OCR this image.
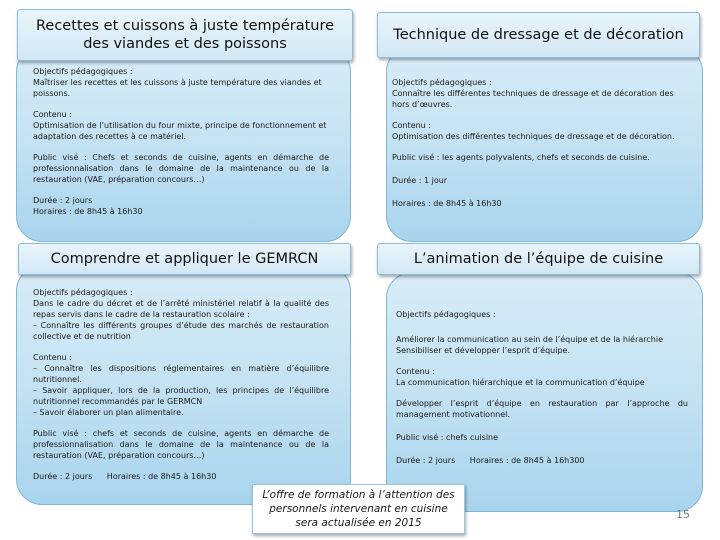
Recettes et cuissons à juste température
des viandes et des poissons

Objectifs pédagogiques :
Maîtriser les recettes et les cuissons à juste température des viandes et poissons.

Contenu :
Optimisation de l’utilisation du four mixte, principe de fonctionnement et adaptation des recettes à ce matériel.

Public visé : Chefs et seconds de cuisine, agents en démarche de professionnalisation dans le domaine de la maintenance ou de la restauration (VAE, préparation concours…)

Durée : 2 jours
Horaires : de 8h45 à 16h30

Technique de dressage et de décoration

Objectifs pédagogiques :
Connaître les différentes techniques de dressage et de décoration des hors d’œuvres.

Contenu :
Optimisation des différentes techniques de dressage et de décoration.

Public visé : les agents polyvalents, chefs et seconds de cuisine.

Durée : 1 jour

Horaires : de 8h45 à 16h30

Comprendre et appliquer le GEMRCN

Objectifs pédagogiques :
Dans le cadre du décret et de l’arrêté ministériel relatif à la qualité des repas servis dans le cadre de la restauration scolaire :
– Connaître les différents groupes d’étude des marchés de restauration collective et de nutrition

Contenu :
– Connaître les dispositions réglementaires en matière d’équilibre nutritionnel.
– Savoir appliquer, lors de la production, les principes de l’équilibre nutritionnel recommandés par le GERMCN
– Savoir élaborer un plan alimentaire.

Public visé : chefs et seconds de cuisine, agents en démarche de professionnalisation dans le domaine de la maintenance ou de la restauration (VAE, préparation concours…)

Durée : 2 jours Horaires : de 8h45 à 16h30

L’animation de l’équipe de cuisine

Objectifs pédagogiques :

Améliorer la communication au sein de l’équipe et de la hiérarchie
Sensibiliser et développer l’esprit d’équipe.

Contenu :
La communication hiérarchique et la communication d’équipe

Développer l’esprit d’équipe en restauration par l’approche du management motivationnel.

Public visé : chefs cuisine

Durée : 2 jours Horaires : de 8h45 à 16h300

L’offre de formation à l’attention des
personnels intervenant en cuisine
sera actualisée en 2015
15
